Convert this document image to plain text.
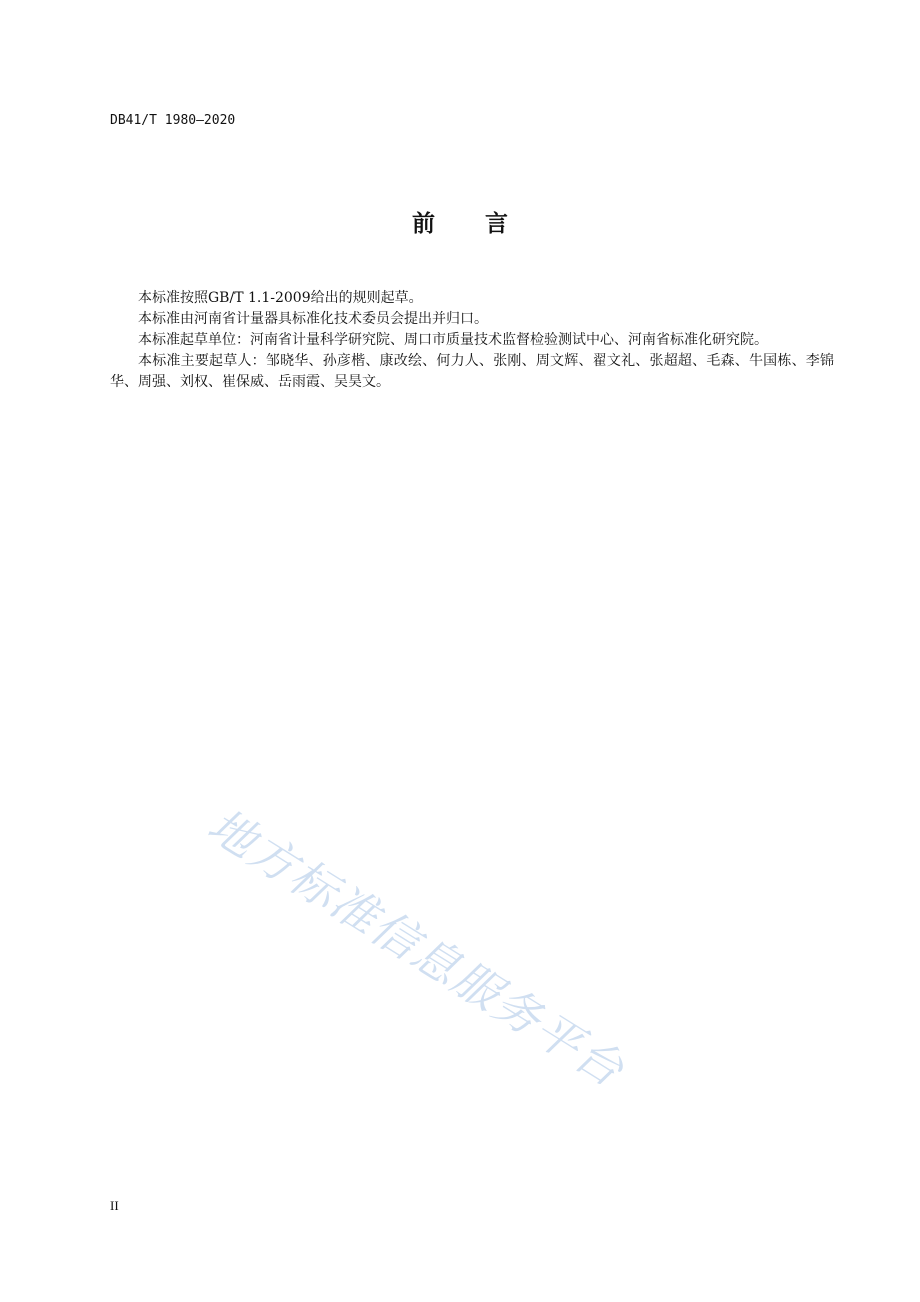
DB41/T 1980—2020
前 言

本标准按照GB/T 1.1-2009给出的规则起草。

本标准由河南省计量器具标准化技术委员会提出并归口。

本标准起草单位：河南省计量科学研究院、周口市质量技术监督检验测试中心、河南省标准化研究院。

本标准主要起草人：邹晓华、孙彦楷、康改绘、何力人、张刚、周文辉、翟文礼、张超超、毛森、牛国栋、李锦华、周强、刘权、崔保威、岳雨霞、吴昊文。

地方标准信息服务平台
II
